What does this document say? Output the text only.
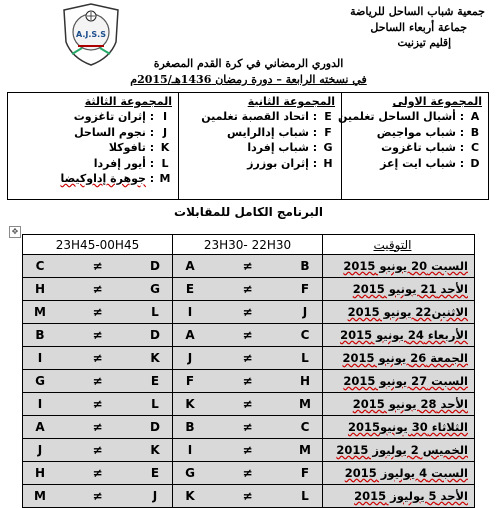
A.J.S.S
جمعية شباب الساحل للرياضة
جماعة أربعاء الساحل
إقليم تيزنيت
الدوري الرمضاني في كرة القدم المصغرة
في نسخته الرابعة – دورة رمضان 1436هـ/2015م
المجموعة الاولى
A : أشبال الساحل تغلمين
B : شباب مواجيض
C : شباب تاغزوت
D : شباب ايت إعز
المجموعة الثانية
E : اتحاد القصبة تغلمين
F : شباب إدالرايس
G : شباب إفردا
H : إثران بوزرز
المجموعة الثالثة
I : إثران تاغزوت
J : نجوم الساحل
K : تافوكلا
L : أيور إفردا
M : جوهرة إداوكيضا
البرنامج الكامل للمقابلات
✥
23H45-00H45	23H30- 22H30	التوقيت

C ≠ D	A ≠ B	السبت 20 يونيو 2015

H ≠ G	E ≠ F	الأحد 21 يونيو 2015

M ≠ L	I ≠ J	الاثنين22 يونيو 2015

B ≠ D	A ≠ C	الأربعاء 24 يونيو 2015

I ≠ K	J ≠ L	الجمعة 26 يونيو 2015

G ≠ E	F ≠ H	السبت 27 يونيو 2015

I ≠ L	K ≠ M	الأحد 28 يونيو 2015

A ≠ D	B ≠ C	الثلاثاء 30 يونيو2015

J ≠ K	I ≠ M	الخميس 2 يوليوز 2015

H ≠ E	G ≠ F	السبت 4 يوليوز 2015

M ≠ J	K ≠ L	الأحد 5 يوليوز 2015
